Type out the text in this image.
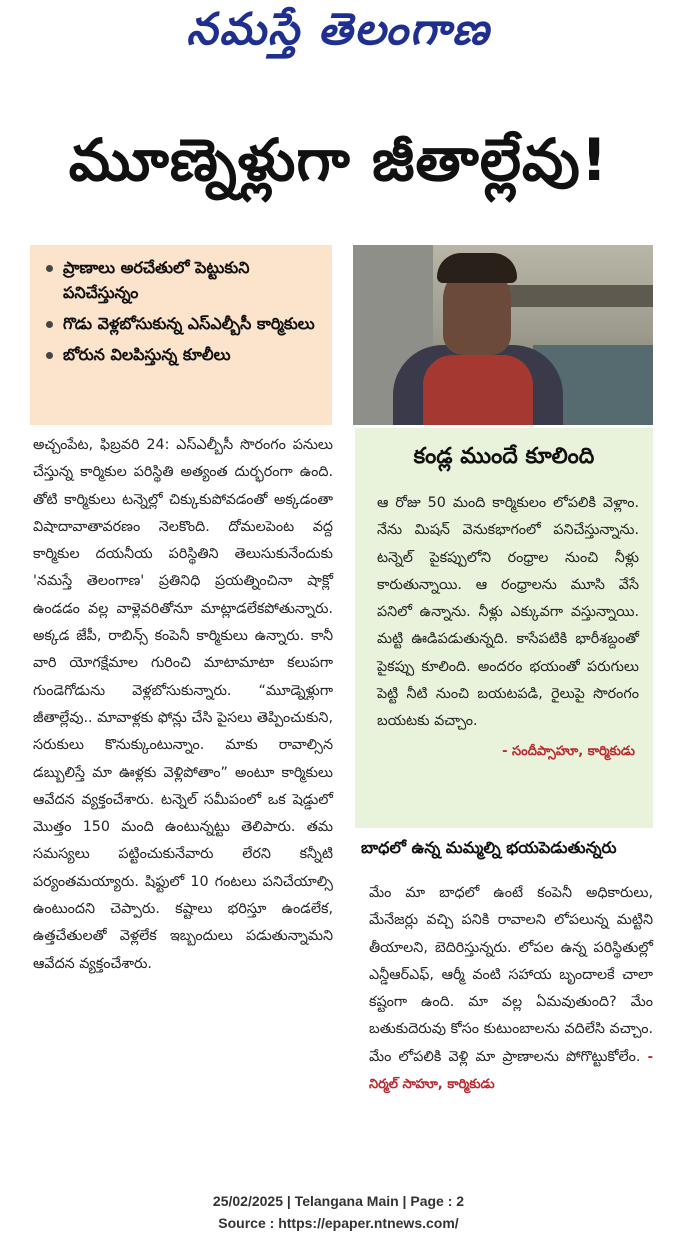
నమస్తే తెలంగాణ
మూణ్నెళ్లుగా జీతాల్లేవు!
ప్రాణాలు అరచేతులో పెట్టుకుని పనిచేస్తున్నం
గొడు వెళ్లబోసుకున్న ఎస్ఎల్బీసీ కార్మికులు
బోరున విలపిస్తున్న కూలీలు

అచ్చంపేట, ఫిబ్రవరి 24: ఎస్ఎల్బీసీ సొరంగం పనులు చేస్తున్న కార్మికుల పరిస్థితి అత్యంత దుర్భరంగా ఉంది. తోటి కార్మికులు టన్నెల్లో చిక్కుకుపోవడంతో అక్కడంతా విషాదావాతావరణం నెలకొంది. దోమలపెంట వద్ద కార్మికుల దయనీయ పరిస్థితిని తెలుసుకునేందుకు 'నమస్తే తెలంగాణ' ప్రతినిధి ప్రయత్నించినా షాక్లో ఉండడం వల్ల వాళ్లెవరితోనూ మాట్లాడలేకపోతున్నారు. అక్కడ జేపీ, రాబిన్స్ కంపెనీ కార్మికులు ఉన్నారు. కానీ వారి యోగక్షేమాల గురించి మాటామాటా కలుపగా గుండెగోడును వెళ్లబోసుకున్నారు. “మూడ్నెళ్లుగా జీతాల్లేవు.. మావాళ్లకు ఫోన్లు చేసి పైసలు తెప్పించుకుని, సరుకులు కొనుక్కుంటున్నాం. మాకు రావాల్సిన డబ్బులిస్తే మా ఊళ్లకు వెళ్లిపోతాం” అంటూ కార్మికులు ఆవేదన వ్యక్తంచేశారు. టన్నెల్ సమీపంలో ఒక షెడ్డులో మొత్తం 150 మంది ఉంటున్నట్టు తెలిపారు. తమ సమస్యలు పట్టించుకునేవారు లేరని కన్నీటి పర్యంతమయ్యారు. షిఫ్టులో 10 గంటలు పనిచేయాల్సి ఉంటుందని చెప్పారు. కష్టాలు భరిస్తూ ఉండలేక, ఉత్తచేతులతో వెళ్లలేక ఇబ్బందులు పడుతున్నామని ఆవేదన వ్యక్తంచేశారు.

కండ్ల ముందే కూలింది
ఆ రోజు 50 మంది కార్మికులం లోపలికి వెళ్లాం. నేను మిషన్ వెనుకభాగంలో పనిచేస్తున్నాను. టన్నెల్ పైకప్పులోని రంధ్రాల నుంచి నీళ్లు కారుతున్నాయి. ఆ రంధ్రాలను మూసి వేసే పనిలో ఉన్నాను. నీళ్లు ఎక్కువగా వస్తున్నాయి. మట్టి ఊడిపడుతున్నది. కాసేపటికి భారీశబ్దంతో పైకప్పు కూలింది. అందరం భయంతో పరుగులు పెట్టి నీటి నుంచి బయటపడి, రైలుపై సొరంగం బయటకు వచ్చాం.
- సందీప్సాహూ, కార్మికుడు
బాధలో ఉన్న మమ్మల్ని భయపెడుతున్నరు

మేం మా బాధలో ఉంటే కంపెనీ అధికారులు, మేనేజర్లు వచ్చి పనికి రావాలని లోపలున్న మట్టిని తీయాలని, బెదిరిస్తున్నరు. లోపల ఉన్న పరిస్థితుల్లో ఎన్డీఆర్ఎఫ్, ఆర్మీ వంటి సహాయ బృందాలకే చాలా కష్టంగా ఉంది. మా వల్ల ఏమవుతుంది? మేం బతుకుదెరువు కోసం కుటుంబాలను వదిలేసి వచ్చాం. మేం లోపలికి వెళ్లి మా ప్రాణాలను పోగొట్టుకోలేం. - నిర్మల్ సాహూ, కార్మికుడు

25/02/2025 | Telangana Main | Page : 2
Source : https://epaper.ntnews.com/
